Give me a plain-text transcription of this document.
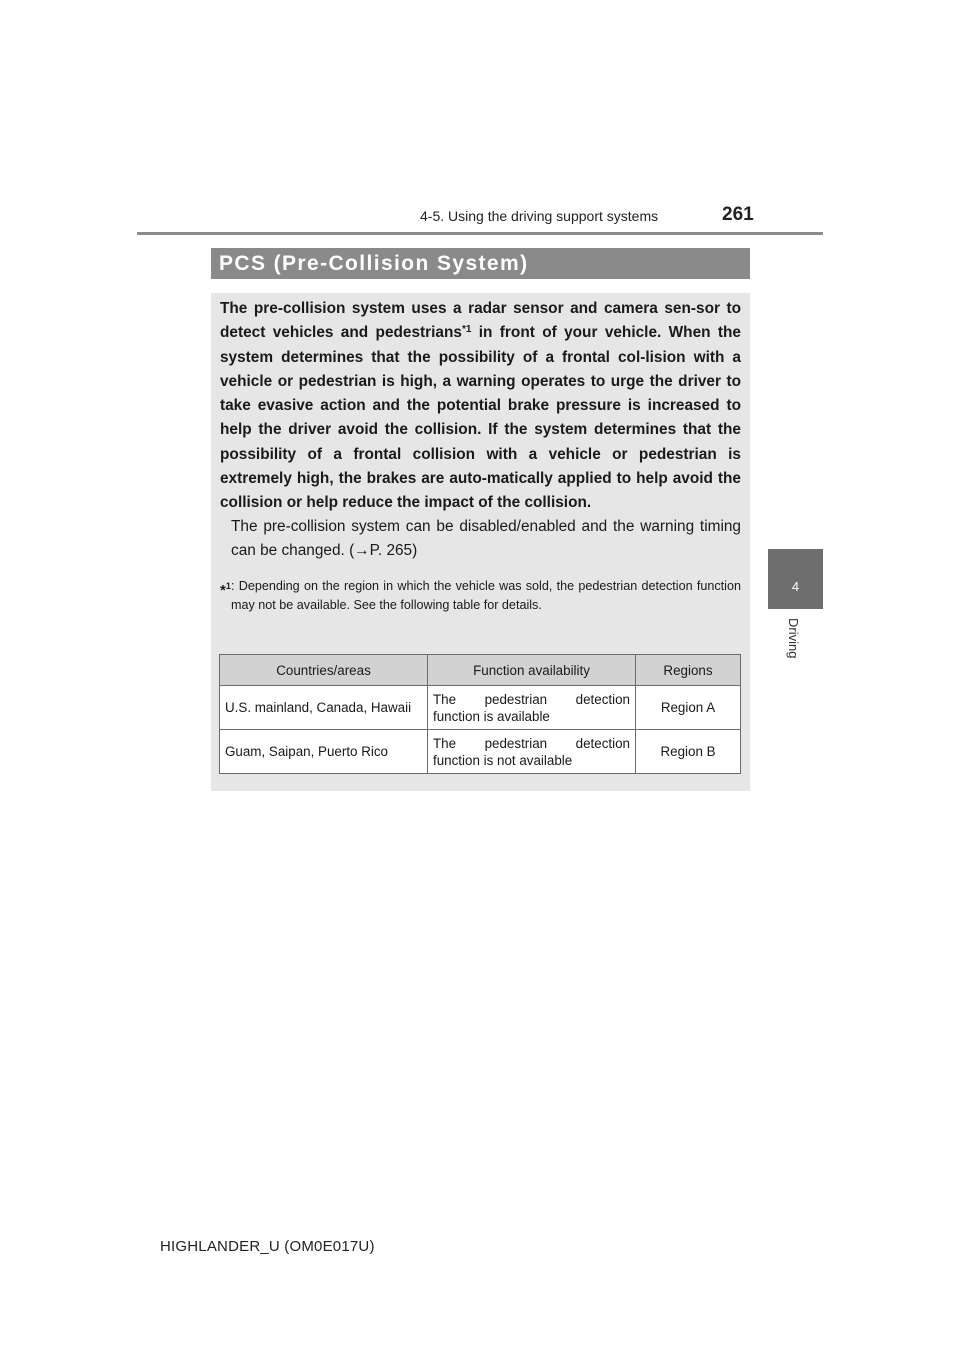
4-5. Using the driving support systems	261
4
Driving
PCS (Pre-Collision System)

The pre-collision system uses a radar sensor and camera sen-sor to detect vehicles and pedestrians$^{*1}$ in front of your vehicle. When the system determines that the possibility of a frontal col-lision with a vehicle or pedestrian is high, a warning operates to urge the driver to take evasive action and the potential brake pressure is increased to help the driver avoid the collision. If the system determines that the possibility of a frontal collision with a vehicle or pedestrian is extremely high, the brakes are auto-matically applied to help avoid the collision or help reduce the impact of the collision.

The pre-collision system can be disabled/enabled and the warning timing can be changed. (→P. 265)

*$^1$ : Depending on the region in which the vehicle was sold, the pedestrian detection function may not be available. See the following table for details.
Countries/areas	Function availability	Regions
U.S. mainland, Canada, Hawaii	The pedestrian detection function is available	Region A
Guam, Saipan, Puerto Rico	The pedestrian detection function is not available	Region B
HIGHLANDER_U (OM0E017U)
